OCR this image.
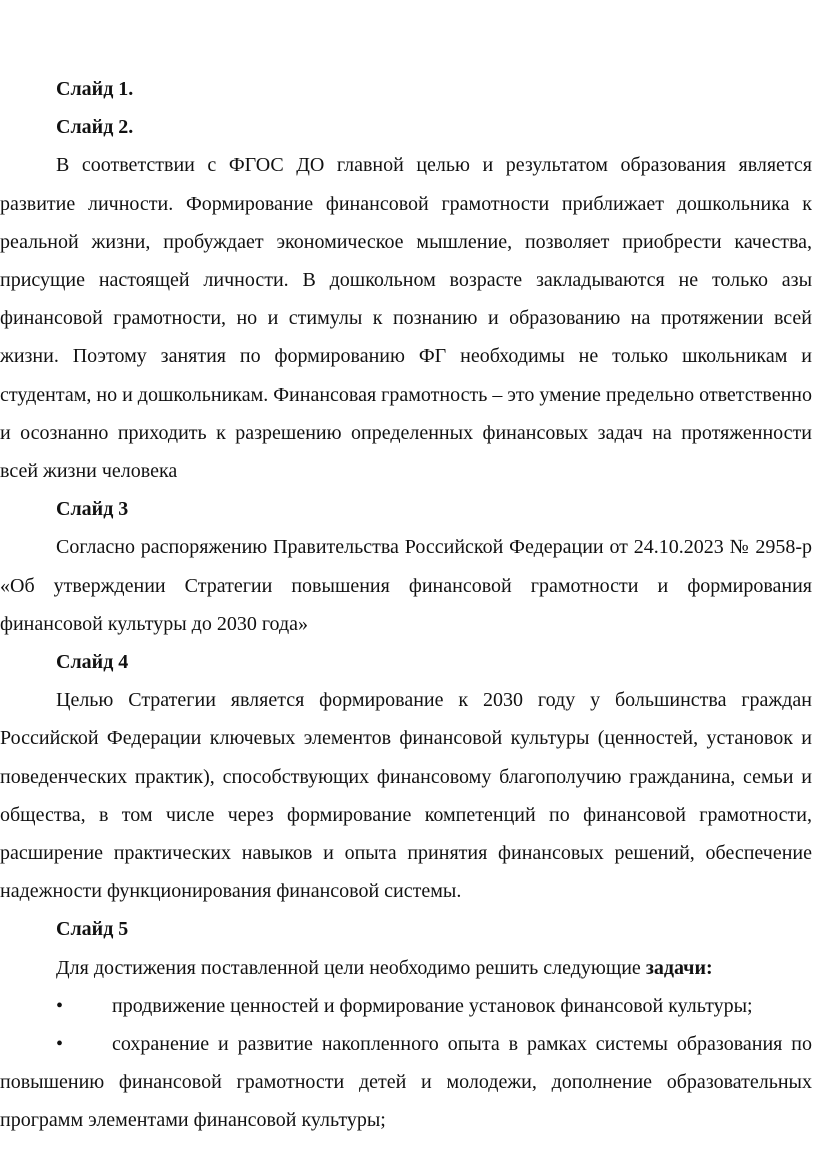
Слайд 1.

Слайд 2.

В соответствии с ФГОС ДО главной целью и результатом образования является развитие личности. Формирование финансовой грамотности приближает дошкольника к реальной жизни, пробуждает экономическое мышление, позволяет приобрести качества, присущие настоящей личности. В дошкольном возрасте закладываются не только азы финансовой грамотности, но и стимулы к познанию и образованию на протяжении всей жизни. Поэтому занятия по формированию ФГ необходимы не только школьникам и студентам, но и дошкольникам. Финансовая грамотность – это умение предельно ответственно и осознанно приходить к разрешению определенных финансовых задач на протяженности всей жизни человека

Слайд 3

Согласно распоряжению Правительства Российской Федерации от 24.10.2023 № 2958-р «Об утверждении Стратегии повышения финансовой грамотности и формирования финансовой культуры до 2030 года»

Слайд 4

Целью Стратегии является формирование к 2030 году у большинства граждан Российской Федерации ключевых элементов финансовой культуры (ценностей, установок и поведенческих практик), способствующих финансовому благополучию гражданина, семьи и общества, в том числе через формирование компетенций по финансовой грамотности, расширение практических навыков и опыта принятия финансовых решений, обеспечение надежности функционирования финансовой системы.

Слайд 5

Для достижения поставленной цели необходимо решить следующие задачи:

• продвижение ценностей и формирование установок финансовой культуры;

• сохранение и развитие накопленного опыта в рамках системы образования по повышению финансовой грамотности детей и молодежи, дополнение образовательных программ элементами финансовой культуры;
